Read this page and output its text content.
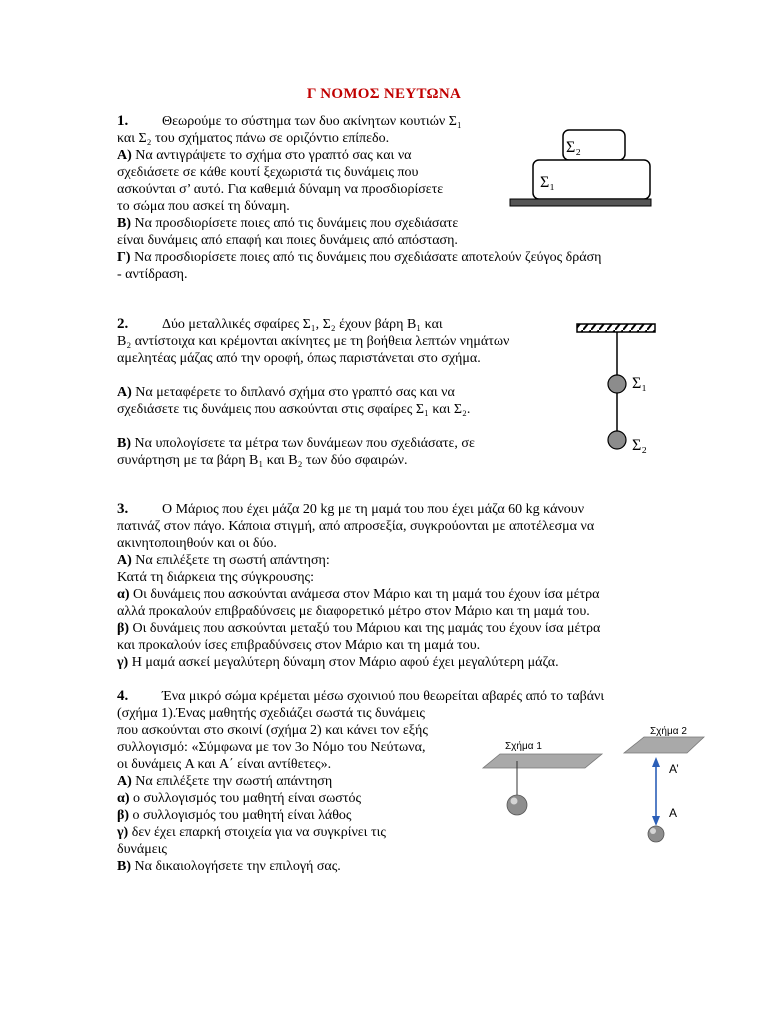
Γ ΝΟΜΟΣ ΝΕΥΤΩΝΑ
1. Θεωρούμε το σύστημα των δυο ακίνητων κουτιών Σ₁
και Σ₂ του σχήματος πάνω σε οριζόντιο επίπεδο.
Α) Να αντιγράψετε το σχήμα στο γραπτό σας και να
σχεδιάσετε σε κάθε κουτί ξεχωριστά τις δυνάμεις που
ασκούνται σ’ αυτό. Για καθεμιά δύναμη να προσδιορίσετε
το σώμα που ασκεί τη δύναμη.
Β) Να προσδιορίσετε ποιες από τις δυνάμεις που σχεδιάσατε
είναι δυνάμεις από επαφή και ποιες δυνάμεις από απόσταση.
Γ) Να προσδιορίσετε ποιες από τις δυνάμεις που σχεδιάσατε αποτελούν ζεύγος δράση
- αντίδραση.
Σ₂
Σ₁
2. Δύο μεταλλικές σφαίρες Σ₁, Σ₂ έχουν βάρη B₁ και
B₂ αντίστοιχα και κρέμονται ακίνητες με τη βοήθεια λεπτών νημάτων
αμελητέας μάζας από την οροφή, όπως παριστάνεται στο σχήμα.
Α) Να μεταφέρετε το διπλανό σχήμα στο γραπτό σας και να
σχεδιάσετε τις δυνάμεις που ασκούνται στις σφαίρες Σ₁ και Σ₂.
Β) Να υπολογίσετε τα μέτρα των δυνάμεων που σχεδιάσατε, σε
συνάρτηση με τα βάρη B₁ και B₂ των δύο σφαιρών.
Σ₁
Σ₂
3. Ο Μάριος που έχει μάζα 20 kg με τη μαμά του που έχει μάζα 60 kg κάνουν
πατινάζ στον πάγο. Κάποια στιγμή, από απροσεξία, συγκρούονται με αποτέλεσμα να
ακινητοποιηθούν και οι δύο.
Α) Να επιλέξετε τη σωστή απάντηση:
Κατά τη διάρκεια της σύγκρουσης:
α) Οι δυνάμεις που ασκούνται ανάμεσα στον Μάριο και τη μαμά του έχουν ίσα μέτρα
αλλά προκαλούν επιβραδύνσεις με διαφορετικό μέτρο στον Μάριο και τη μαμά του.
β) Οι δυνάμεις που ασκούνται μεταξύ του Μάριου και της μαμάς του έχουν ίσα μέτρα
και προκαλούν ίσες επιβραδύνσεις στον Μάριο και τη μαμά του.
γ) Η μαμά ασκεί μεγαλύτερη δύναμη στον Μάριο αφού έχει μεγαλύτερη μάζα.
4. Ένα μικρό σώμα κρέμεται μέσω σχοινιού που θεωρείται αβαρές από το ταβάνι
(σχήμα 1).Ένας μαθητής σχεδιάζει σωστά τις δυνάμεις
που ασκούνται στο σκοινί (σχήμα 2) και κάνει τον εξής
συλλογισμό: «Σύμφωνα με τον 3ο Νόμο του Νεύτωνα,
οι δυνάμεις A και A΄ είναι αντίθετες».
Α) Να επιλέξετε την σωστή απάντηση
α) ο συλλογισμός του μαθητή είναι σωστός
β) ο συλλογισμός του μαθητή είναι λάθος
γ) δεν έχει επαρκή στοιχεία για να συγκρίνει τις
δυνάμεις
Β) Να δικαιολογήσετε την επιλογή σας.
Σχήμα 1
Σχήμα 2
A’
A
